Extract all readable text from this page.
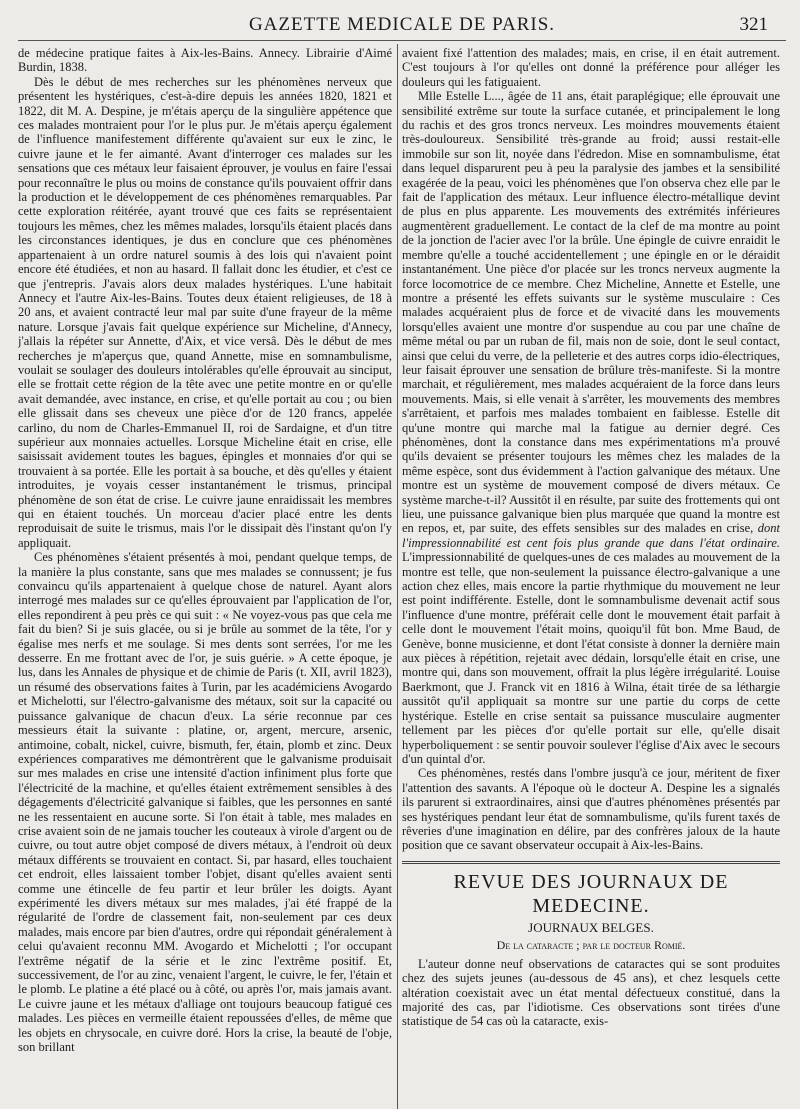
GAZETTE MEDICALE DE PARIS.	321

de médecine pratique faites à Aix-les-Bains. Annecy. Librairie d'Aimé Burdin, 1838.

Dès le début de mes recherches sur les phénomènes nerveux que présentent les hystériques, c'est-à-dire depuis les années 1820, 1821 et 1822, dit M. A. Despine, je m'étais aperçu de la singulière appétence que ces malades montraient pour l'or le plus pur. Je m'étais aperçu également de l'influence manifestement différente qu'avaient sur eux le zinc, le cuivre jaune et le fer aimanté. Avant d'interroger ces malades sur les sensations que ces métaux leur faisaient éprouver, je voulus en faire l'essai pour reconnaître le plus ou moins de constance qu'ils pouvaient offrir dans la production et le développement de ces phénomènes remarquables. Par cette exploration réitérée, ayant trouvé que ces faits se représentaient toujours les mêmes, chez les mêmes malades, lorsqu'ils étaient placés dans les circonstances identiques, je dus en conclure que ces phénomènes appartenaient à un ordre naturel soumis à des lois qui n'avaient point encore été étudiées, et non au hasard. Il fallait donc les étudier, et c'est ce que j'entrepris. J'avais alors deux malades hystériques. L'une habitait Annecy et l'autre Aix-les-Bains. Toutes deux étaient religieuses, de 18 à 20 ans, et avaient contracté leur mal par suite d'une frayeur de la même nature. Lorsque j'avais fait quelque expérience sur Micheline, d'Annecy, j'allais la répéter sur Annette, d'Aix, et vice versâ. Dès le début de mes recherches je m'aperçus que, quand Annette, mise en somnambulisme, voulait se soulager des douleurs intolérables qu'elle éprouvait au sinciput, elle se frottait cette région de la tête avec une petite montre en or qu'elle avait demandée, avec instance, en crise, et qu'elle portait au cou ; ou bien elle glissait dans ses cheveux une pièce d'or de 120 francs, appelée carlino, du nom de Charles-Emmanuel II, roi de Sardaigne, et d'un titre supérieur aux monnaies actuelles. Lorsque Micheline était en crise, elle saisissait avidement toutes les bagues, épingles et monnaies d'or qui se trouvaient à sa portée. Elle les portait à sa bouche, et dès qu'elles y étaient introduites, je voyais cesser instantanément le trismus, principal phénomène de son état de crise. Le cuivre jaune enraidissait les membres qui en étaient touchés. Un morceau d'acier placé entre les dents reproduisait de suite le trismus, mais l'or le dissipait dès l'instant qu'on l'y appliquait.

Ces phénomènes s'étaient présentés à moi, pendant quelque temps, de la manière la plus constante, sans que mes malades se connussent; je fus convaincu qu'ils appartenaient à quelque chose de naturel. Ayant alors interrogé mes malades sur ce qu'elles éprouvaient par l'application de l'or, elles repondirent à peu près ce qui suit : « Ne voyez-vous pas que cela me fait du bien? Si je suis glacée, ou si je brûle au sommet de la tête, l'or y égalise mes nerfs et me soulage. Si mes dents sont serrées, l'or me les desserre. En me frottant avec de l'or, je suis guérie. » A cette époque, je lus, dans les Annales de physique et de chimie de Paris (t. XII, avril 1823), un résumé des observations faites à Turin, par les académiciens Avogardo et Michelotti, sur l'électro-galvanisme des métaux, soit sur la capacité ou puissance galvanique de chacun d'eux. La série reconnue par ces messieurs était la suivante : platine, or, argent, mercure, arsenic, antimoine, cobalt, nickel, cuivre, bismuth, fer, étain, plomb et zinc. Deux expériences comparatives me démontrèrent que le galvanisme produisait sur mes malades en crise une intensité d'action infiniment plus forte que l'électricité de la machine, et qu'elles étaient extrêmement sensibles à des dégagements d'électricité galvanique si faibles, que les personnes en santé ne les ressentaient en aucune sorte. Si l'on était à table, mes malades en crise avaient soin de ne jamais toucher les couteaux à virole d'argent ou de cuivre, ou tout autre objet composé de divers métaux, à l'endroit où deux métaux différents se trouvaient en contact. Si, par hasard, elles touchaient cet endroit, elles laissaient tomber l'objet, disant qu'elles avaient senti comme une étincelle de feu partir et leur brûler les doigts. Ayant expérimenté les divers métaux sur mes malades, j'ai été frappé de la régularité de l'ordre de classement fait, non-seulement par ces deux malades, mais encore par bien d'autres, ordre qui répondait généralement à celui qu'avaient reconnu MM. Avogardo et Michelotti ; l'or occupant l'extrême négatif de la série et le zinc l'extrême positif. Et, successivement, de l'or au zinc, venaient l'argent, le cuivre, le fer, l'étain et le plomb. Le platine a été placé ou à côté, ou après l'or, mais jamais avant. Le cuivre jaune et les métaux d'alliage ont toujours beaucoup fatigué ces malades. Les pièces en vermeille étaient repoussées d'elles, de même que les objets en chrysocale, en cuivre doré. Hors la crise, la beauté de l'obje, son brillant

avaient fixé l'attention des malades; mais, en crise, il en était autrement. C'est toujours à l'or qu'elles ont donné la préférence pour alléger les douleurs qui les fatiguaient.

Mlle Estelle L..., âgée de 11 ans, était paraplégique; elle éprouvait une sensibilité extrême sur toute la surface cutanée, et principalement le long du rachis et des gros troncs nerveux. Les moindres mouvements étaient très-douloureux. Sensibilité très-grande au froid; aussi restait-elle immobile sur son lit, noyée dans l'édredon. Mise en somnambulisme, état dans lequel disparurent peu à peu la paralysie des jambes et la sensibilité exagérée de la peau, voici les phénomènes que l'on observa chez elle par le fait de l'application des métaux. Leur influence électro-métallique devint de plus en plus apparente. Les mouvements des extrémités inférieures augmentèrent graduellement. Le contact de la clef de ma montre au point de la jonction de l'acier avec l'or la brûle. Une épingle de cuivre enraidit le membre qu'elle a touché accidentellement ; une épingle en or le déraidit instantanément. Une pièce d'or placée sur les troncs nerveux augmente la force locomotrice de ce membre. Chez Micheline, Annette et Estelle, une montre a présenté les effets suivants sur le système musculaire : Ces malades acquéraient plus de force et de vivacité dans les mouvements lorsqu'elles avaient une montre d'or suspendue au cou par une chaîne de même métal ou par un ruban de fil, mais non de soie, dont le seul contact, ainsi que celui du verre, de la pelleterie et des autres corps idio-électriques, leur faisait éprouver une sensation de brûlure très-manifeste. Si la montre marchait, et régulièrement, mes malades acquéraient de la force dans leurs mouvements. Mais, si elle venait à s'arrêter, les mouvements des membres s'arrêtaient, et parfois mes malades tombaient en faiblesse. Estelle dit qu'une montre qui marche mal la fatigue au dernier degré. Ces phénomènes, dont la constance dans mes expérimentations m'a prouvé qu'ils devaient se présenter toujours les mêmes chez les malades de la même espèce, sont dus évidemment à l'action galvanique des métaux. Une montre est un système de mouvement composé de divers métaux. Ce système marche-t-il? Aussitôt il en résulte, par suite des frottements qui ont lieu, une puissance galvanique bien plus marquée que quand la montre est en repos, et, par suite, des effets sensibles sur des malades en crise, dont l'impressionnabilité est cent fois plus grande que dans l'état ordinaire. L'impressionnabilité de quelques-unes de ces malades au mouvement de la montre est telle, que non-seulement la puissance électro-galvanique a une action chez elles, mais encore la partie rhythmique du mouvement ne leur est point indifférente. Estelle, dont le somnambulisme devenait actif sous l'influence d'une montre, préférait celle dont le mouvement était parfait à celle dont le mouvement l'était moins, quoiqu'il fût bon. Mme Baud, de Genève, bonne musicienne, et dont l'état consiste à donner la dernière main aux pièces à répétition, rejetait avec dédain, lorsqu'elle était en crise, une montre qui, dans son mouvement, offrait la plus légère irrégularité. Louise Baerkmont, que J. Franck vit en 1816 à Wilna, était tirée de sa léthargie aussitôt qu'il appliquait sa montre sur une partie du corps de cette hystérique. Estelle en crise sentait sa puissance musculaire augmenter tellement par les pièces d'or qu'elle portait sur elle, qu'elle disait hyperboliquement : se sentir pouvoir soulever l'église d'Aix avec le secours d'un quintal d'or.

Ces phénomènes, restés dans l'ombre jusqu'à ce jour, méritent de fixer l'attention des savants. A l'époque où le docteur A. Despine les a signalés ils parurent si extraordinaires, ainsi que d'autres phénomènes présentés par ses hystériques pendant leur état de somnambulisme, qu'ils furent taxés de rêveries d'une imagination en délire, par des confrères jaloux de la haute position que ce savant observateur occupait à Aix-les-Bains.

REVUE DES JOURNAUX DE MEDECINE.
JOURNAUX BELGES.
De la cataracte ; par le docteur Romié.

L'auteur donne neuf observations de cataractes qui se sont produites chez des sujets jeunes (au-dessous de 45 ans), et chez lesquels cette altération coexistait avec un état mental défectueux constitué, dans la majorité des cas, par l'idiotisme. Ces observations sont tirées d'une statistique de 54 cas où la cataracte, exis-
